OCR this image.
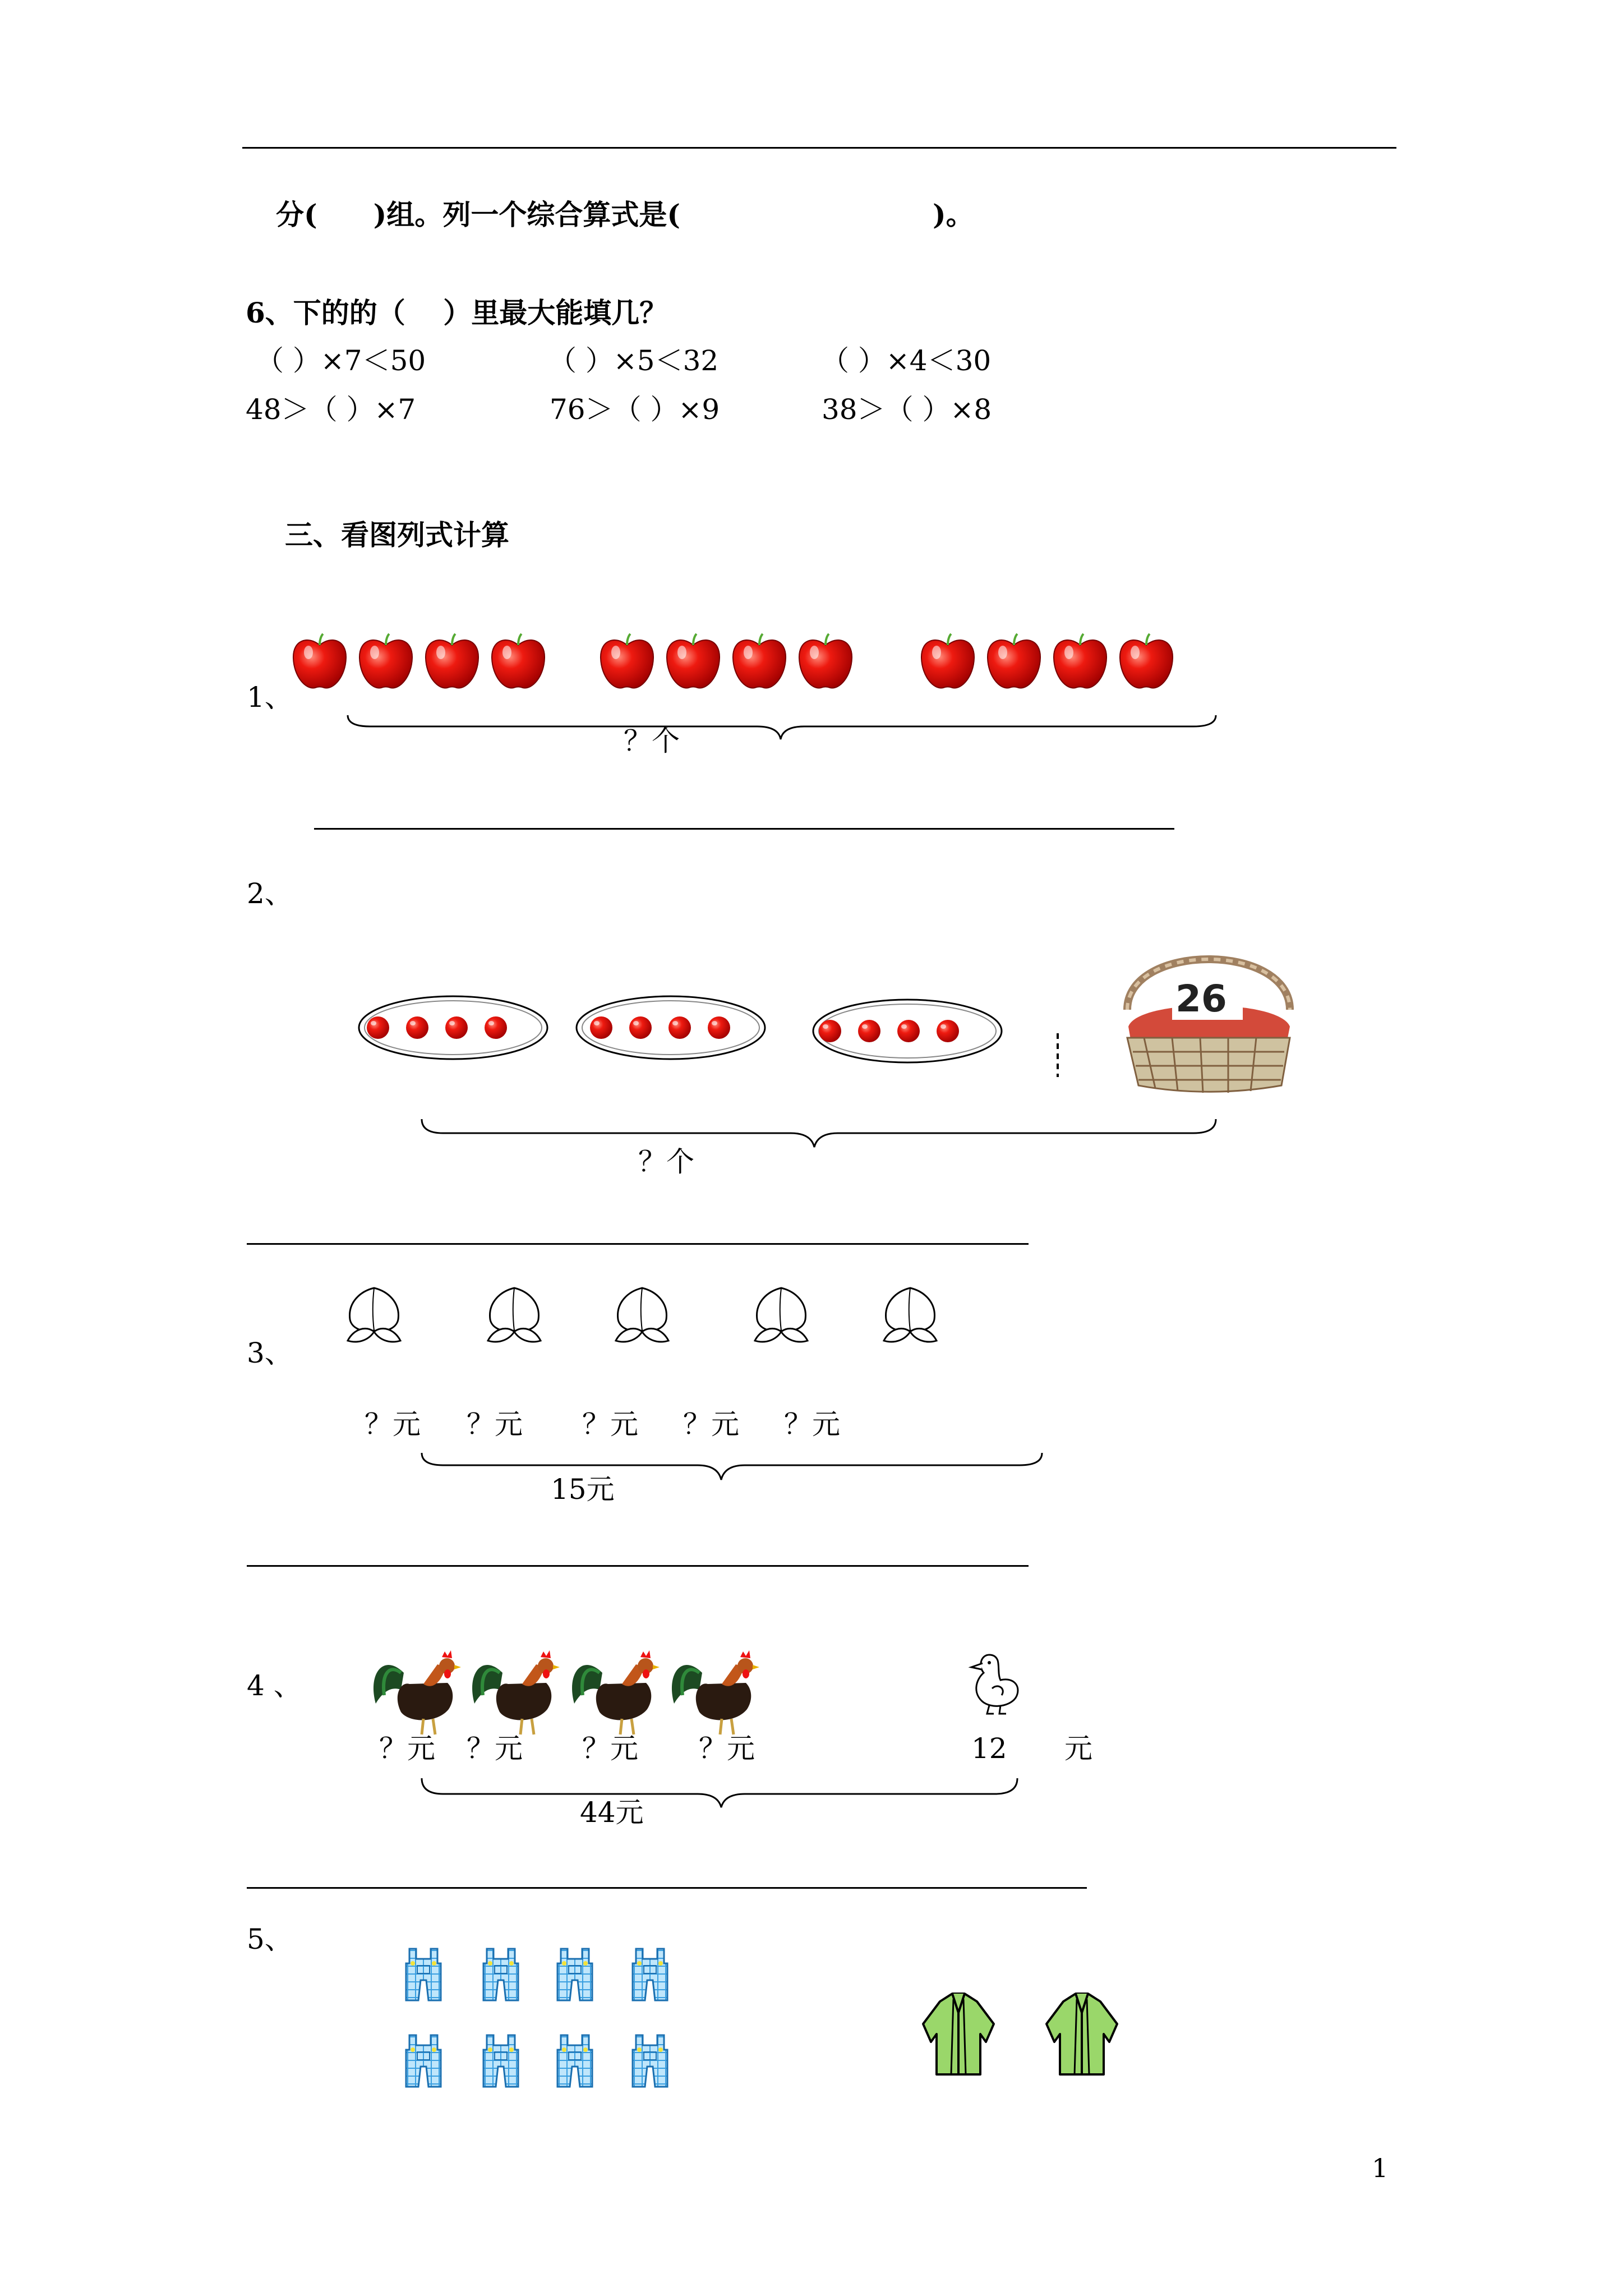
分(　　)组。列一个综合算式是(　　　　　　　　　)。
6、下的的（　 ）里最大能填几？
（ ）×7＜50	（ ）×5＜32	（ ）×4＜30
48＞（ ）×7	76＞（ ）×9	38＞（ ）×8
三、看图列式计算
1、
？个
2、
26
？个
3、
？元 ？元 ？元 ？元 ？元
15元
4 、
？元 ？元 ？元 ？元	12 元
44元
5、
1
